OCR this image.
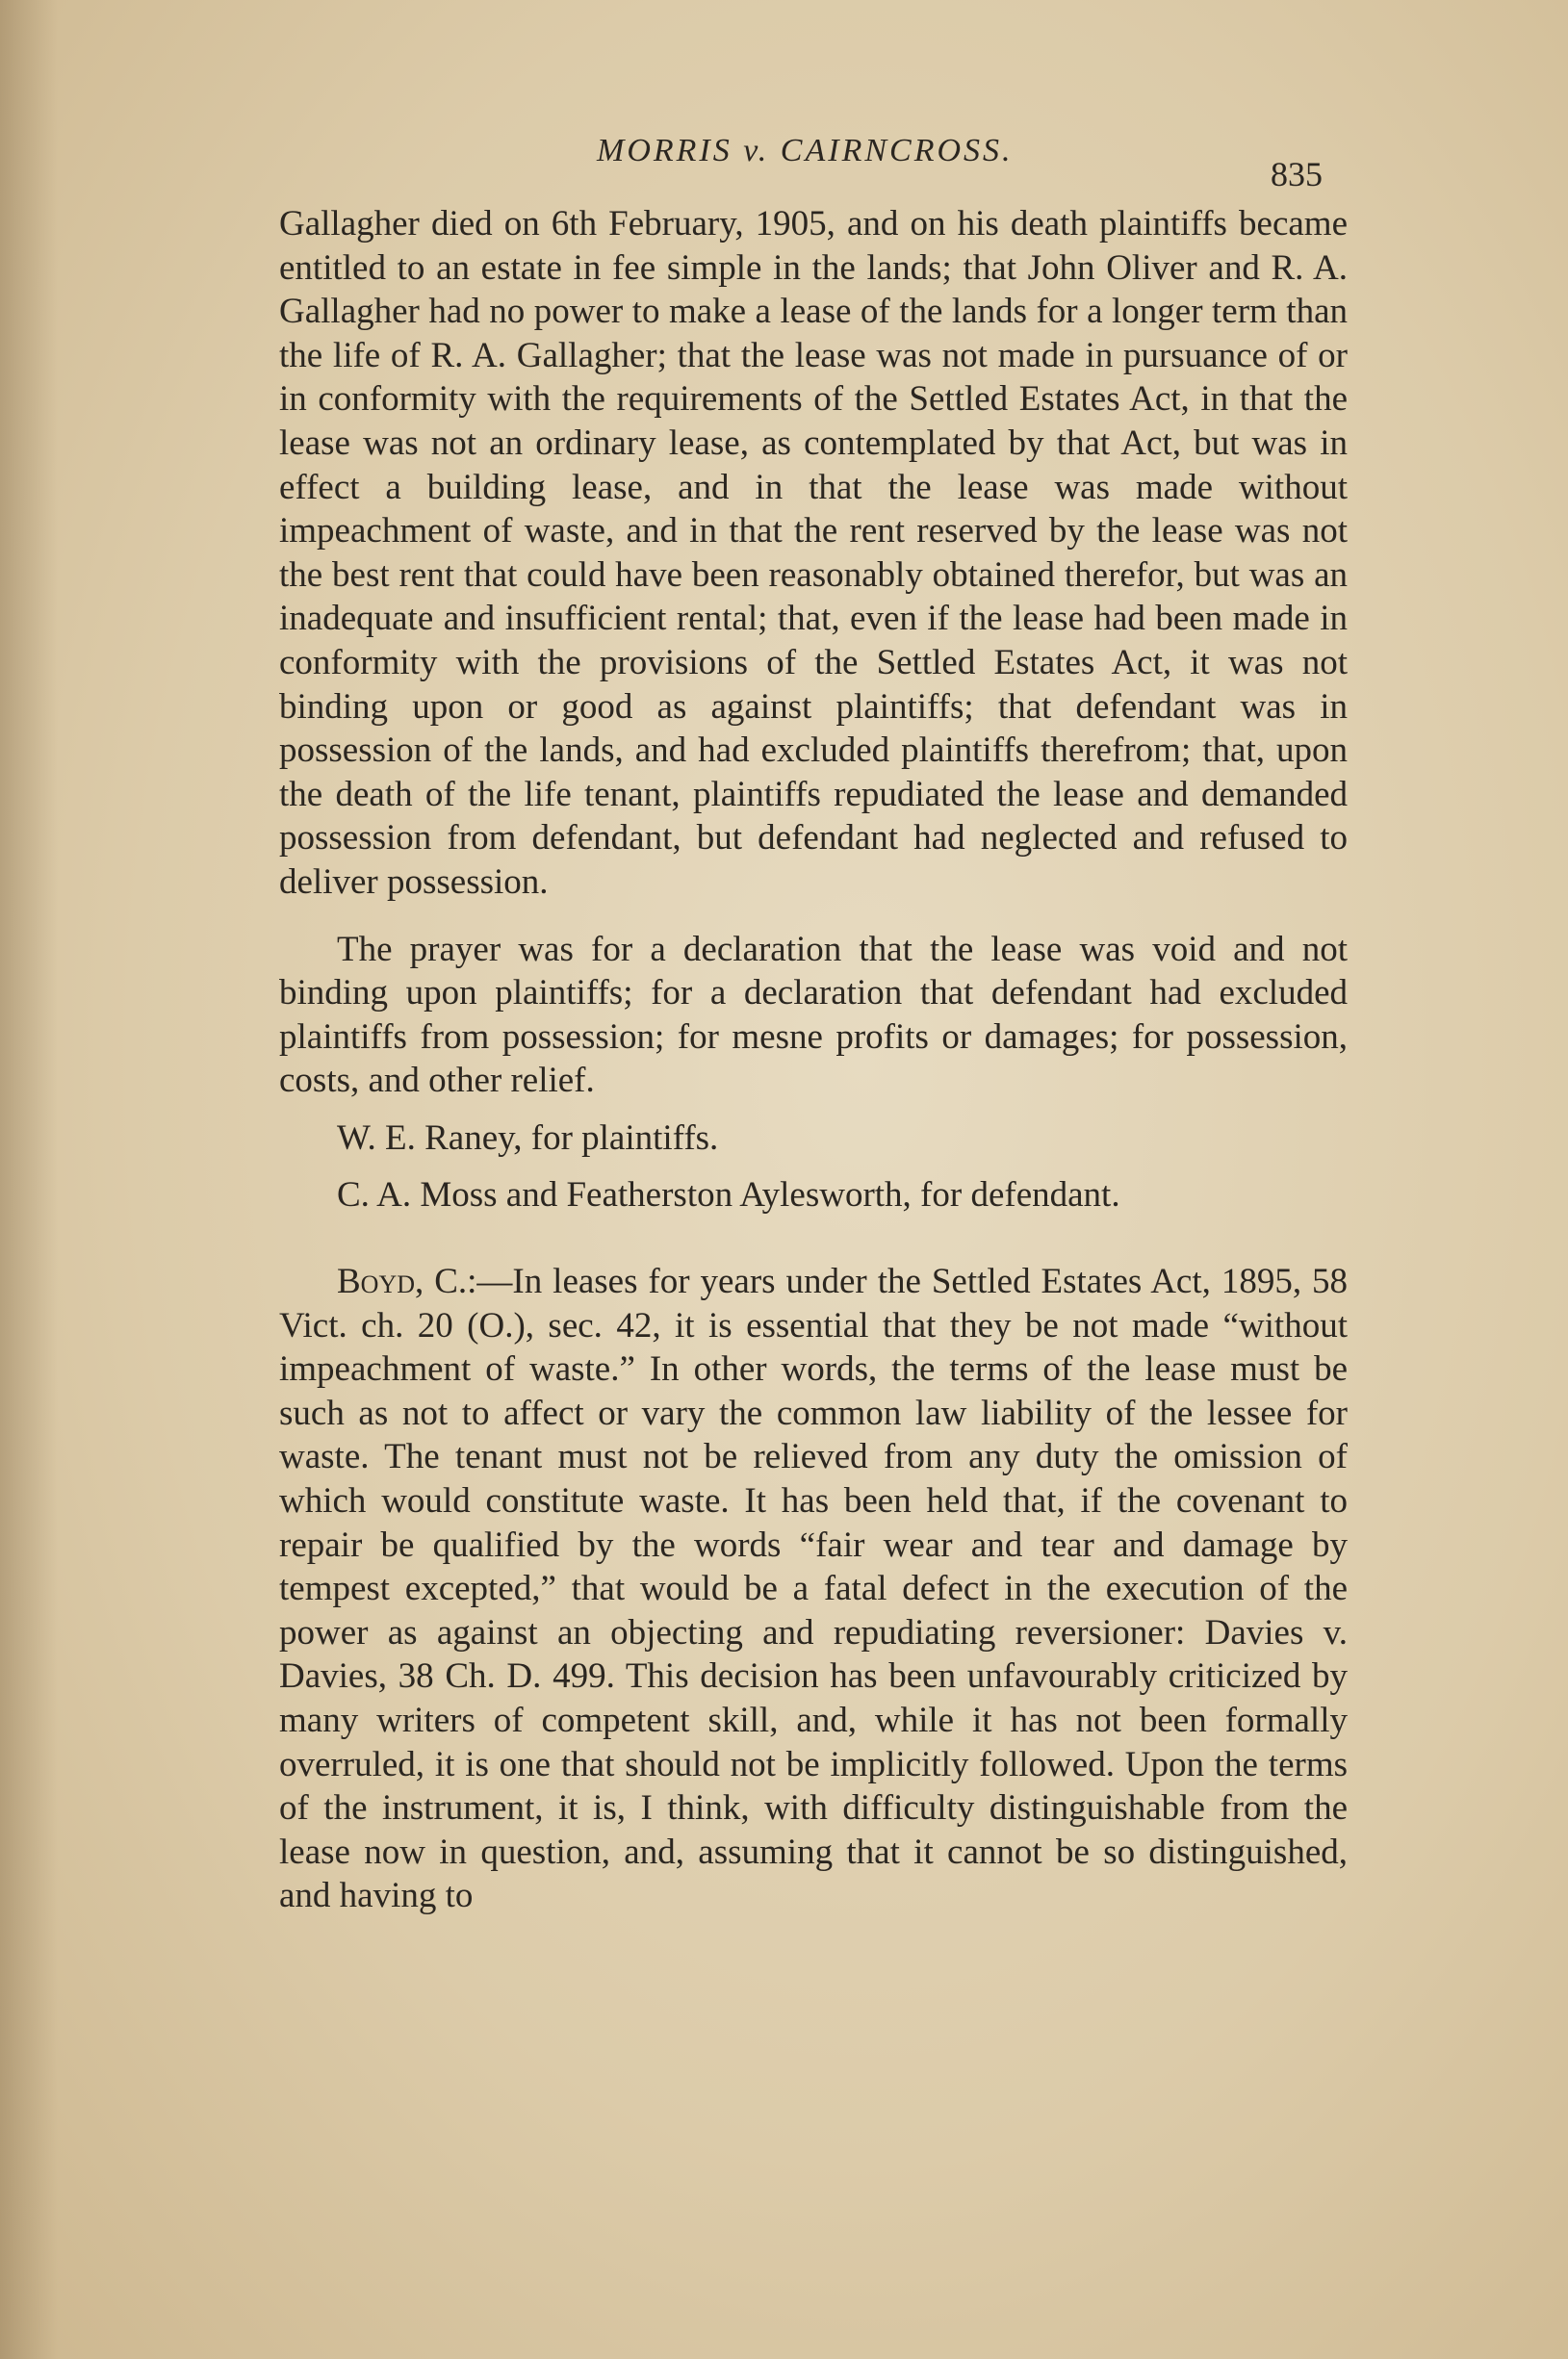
MORRIS v. CAIRNCROSS.
835

Gallagher died on 6th February, 1905, and on his death plaintiffs became entitled to an estate in fee simple in the lands; that John Oliver and R. A. Gallagher had no power to make a lease of the lands for a longer term than the life of R. A. Gallagher; that the lease was not made in pursuance of or in conformity with the requirements of the Settled Estates Act, in that the lease was not an ordinary lease, as contemplated by that Act, but was in effect a building lease, and in that the lease was made without impeachment of waste, and in that the rent reserved by the lease was not the best rent that could have been reasonably obtained therefor, but was an inadequate and insufficient rental; that, even if the lease had been made in conformity with the provisions of the Settled Estates Act, it was not binding upon or good as against plaintiffs; that defendant was in possession of the lands, and had excluded plaintiffs therefrom; that, upon the death of the life tenant, plaintiffs repudiated the lease and demanded possession from defendant, but defendant had neglected and refused to deliver possession.

The prayer was for a declaration that the lease was void and not binding upon plaintiffs; for a declaration that defendant had excluded plaintiffs from possession; for mesne profits or damages; for possession, costs, and other relief.

W. E. Raney, for plaintiffs.

C. A. Moss and Featherston Aylesworth, for defendant.

Boyd, C.:—In leases for years under the Settled Estates Act, 1895, 58 Vict. ch. 20 (O.), sec. 42, it is essential that they be not made “without impeachment of waste.” In other words, the terms of the lease must be such as not to affect or vary the common law liability of the lessee for waste. The tenant must not be relieved from any duty the omission of which would constitute waste. It has been held that, if the covenant to repair be qualified by the words “fair wear and tear and damage by tempest excepted,” that would be a fatal defect in the execution of the power as against an objecting and repudiating reversioner: Davies v. Davies, 38 Ch. D. 499. This decision has been unfavourably criticized by many writers of competent skill, and, while it has not been formally overruled, it is one that should not be implicitly followed. Upon the terms of the instrument, it is, I think, with difficulty distinguishable from the lease now in question, and, assuming that it cannot be so distinguished, and having to
